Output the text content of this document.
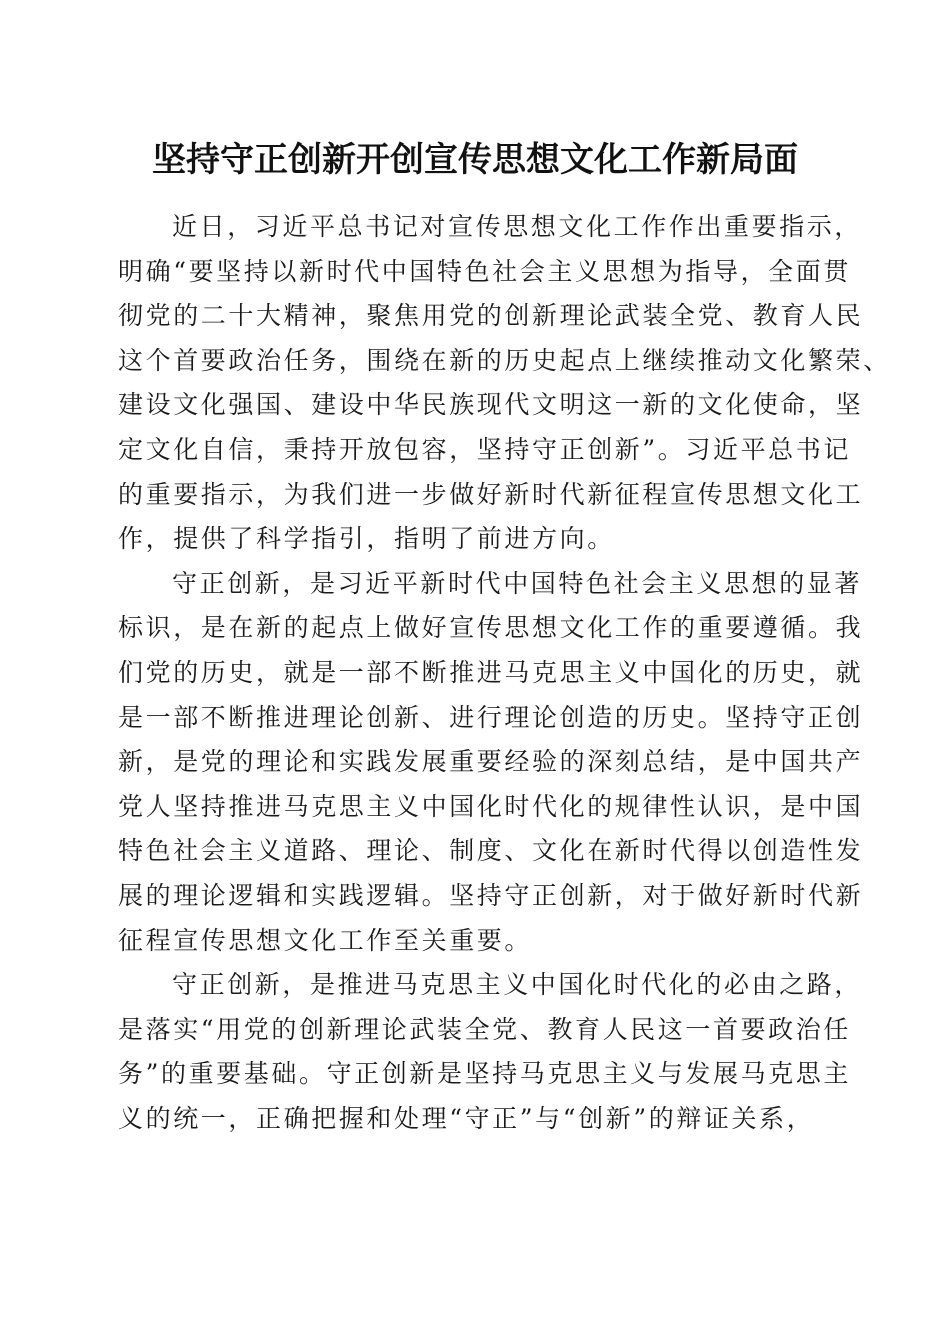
坚持守正创新开创宣传思想文化工作新局面
近日，习近平总书记对宣传思想文化工作作出重要指示，
明确“要坚持以新时代中国特色社会主义思想为指导，全面贯
彻党的二十大精神，聚焦用党的创新理论武装全党、教育人民
这个首要政治任务，围绕在新的历史起点上继续推动文化繁荣、
建设文化强国、建设中华民族现代文明这一新的文化使命，坚
定文化自信，秉持开放包容，坚持守正创新”。习近平总书记
的重要指示，为我们进一步做好新时代新征程宣传思想文化工
作，提供了科学指引，指明了前进方向。
守正创新，是习近平新时代中国特色社会主义思想的显著
标识，是在新的起点上做好宣传思想文化工作的重要遵循。我
们党的历史，就是一部不断推进马克思主义中国化的历史，就
是一部不断推进理论创新、进行理论创造的历史。坚持守正创
新，是党的理论和实践发展重要经验的深刻总结，是中国共产
党人坚持推进马克思主义中国化时代化的规律性认识，是中国
特色社会主义道路、理论、制度、文化在新时代得以创造性发
展的理论逻辑和实践逻辑。坚持守正创新，对于做好新时代新
征程宣传思想文化工作至关重要。
守正创新，是推进马克思主义中国化时代化的必由之路，
是落实“用党的创新理论武装全党、教育人民这一首要政治任
务”的重要基础。守正创新是坚持马克思主义与发展马克思主
义的统一，正确把握和处理“守正”与“创新”的辩证关系，
